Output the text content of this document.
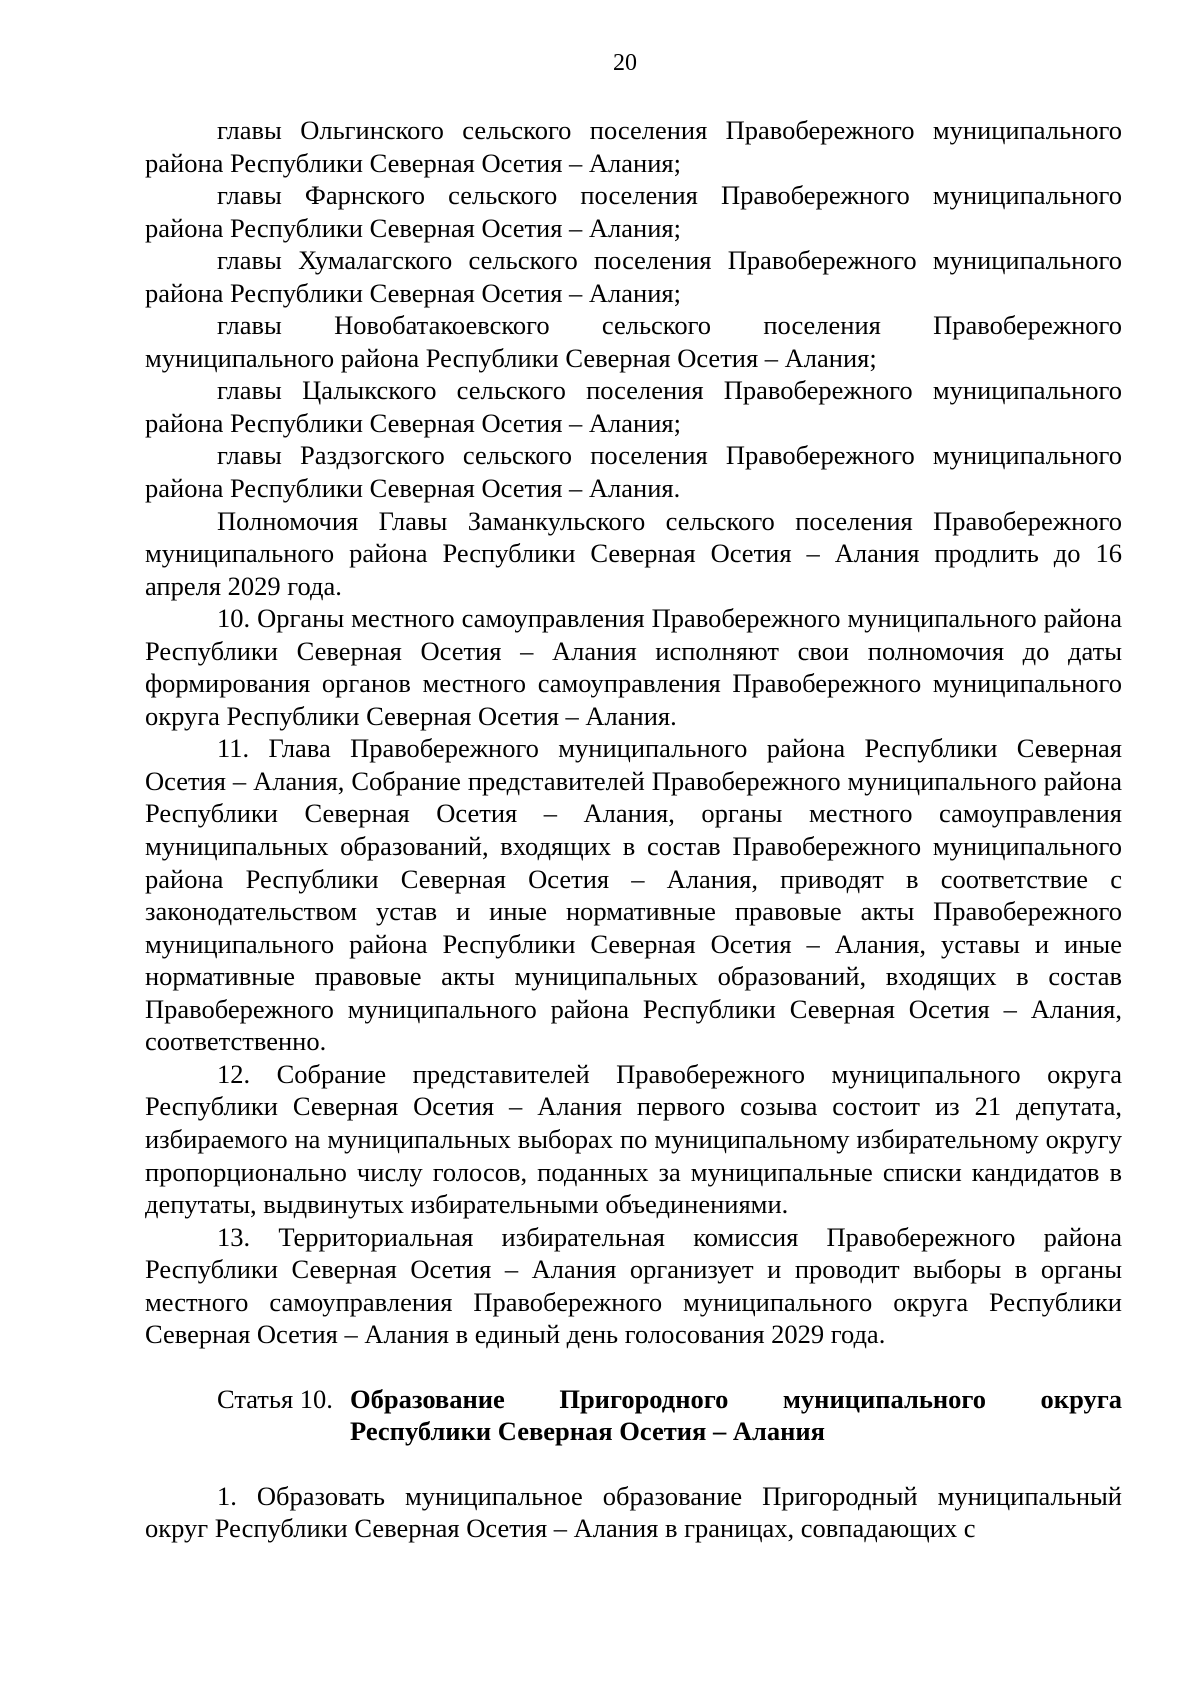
20

главы Ольгинского сельского поселения Правобережного муниципального района Республики Северная Осетия – Алания;

главы Фарнского сельского поселения Правобережного муниципального района Республики Северная Осетия – Алания;

главы Хумалагского сельского поселения Правобережного муниципального района Республики Северная Осетия – Алания;

главы Новобатакоевского сельского поселения Правобережного муниципального района Республики Северная Осетия – Алания;

главы Цалыкского сельского поселения Правобережного муниципального района Республики Северная Осетия – Алания;

главы Раздзогского сельского поселения Правобережного муниципального района Республики Северная Осетия – Алания.

Полномочия Главы Заманкульского сельского поселения Правобережного муниципального района Республики Северная Осетия – Алания продлить до 16 апреля 2029 года.

10. Органы местного самоуправления Правобережного муниципального района Республики Северная Осетия – Алания исполняют свои полномочия до даты формирования органов местного самоуправления Правобережного муниципального округа Республики Северная Осетия – Алания.

11. Глава Правобережного муниципального района Республики Северная Осетия – Алания, Собрание представителей Правобережного муниципального района Республики Северная Осетия – Алания, органы местного самоуправления муниципальных образований, входящих в состав Правобережного муниципального района Республики Северная Осетия – Алания, приводят в соответствие с законодательством устав и иные нормативные правовые акты Правобережного муниципального района Республики Северная Осетия – Алания, уставы и иные нормативные правовые акты муниципальных образований, входящих в состав Правобережного муниципального района Республики Северная Осетия – Алания, соответственно.

12. Собрание представителей Правобережного муниципального округа Республики Северная Осетия – Алания первого созыва состоит из 21 депутата, избираемого на муниципальных выборах по муниципальному избирательному округу пропорционально числу голосов, поданных за муниципальные списки кандидатов в депутаты, выдвинутых избирательными объединениями.

13. Территориальная избирательная комиссия Правобережного района Республики Северная Осетия – Алания организует и проводит выборы в органы местного самоуправления Правобережного муниципального округа Республики Северная Осетия – Алания в единый день голосования 2029 года.

Статья 10. Образование Пригородного муниципального округа Республики Северная Осетия – Алания

1. Образовать муниципальное образование Пригородный муниципальный округ Республики Северная Осетия – Алания в границах, совпадающих с
